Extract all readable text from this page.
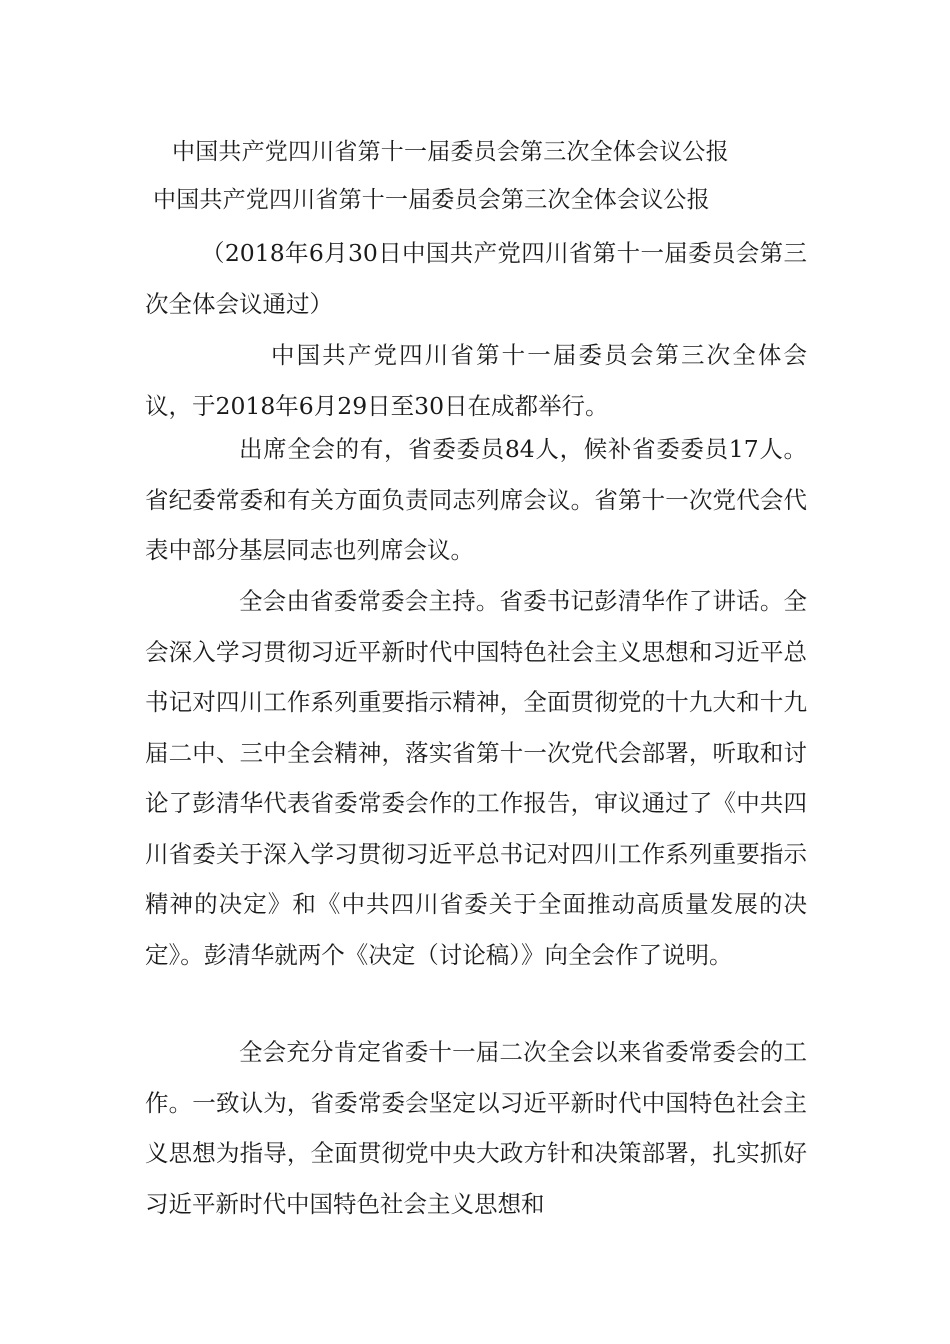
中国共产党四川省第十一届委员会第三次全体会议公报
中国共产党四川省第十一届委员会第三次全体会议公报

（2018年6月30日中国共产党四川省第十一届委员会第三次全体会议通过）

中国共产党四川省第十一届委员会第三次全体会议，于2018年6月29日至30日在成都举行。

出席全会的有，省委委员84人，候补省委委员17人。省纪委常委和有关方面负责同志列席会议。省第十一次党代会代表中部分基层同志也列席会议。

全会由省委常委会主持。省委书记彭清华作了讲话。全会深入学习贯彻习近平新时代中国特色社会主义思想和习近平总书记对四川工作系列重要指示精神，全面贯彻党的十九大和十九届二中、三中全会精神，落实省第十一次党代会部署，听取和讨论了彭清华代表省委常委会作的工作报告，审议通过了《中共四川省委关于深入学习贯彻习近平总书记对四川工作系列重要指示精神的决定》和《中共四川省委关于全面推动高质量发展的决定》。彭清华就两个《决定（讨论稿）》向全会作了说明。

全会充分肯定省委十一届二次全会以来省委常委会的工作。一致认为，省委常委会坚定以习近平新时代中国特色社会主义思想为指导，全面贯彻党中央大政方针和决策部署，扎实抓好习近平新时代中国特色社会主义思想和
